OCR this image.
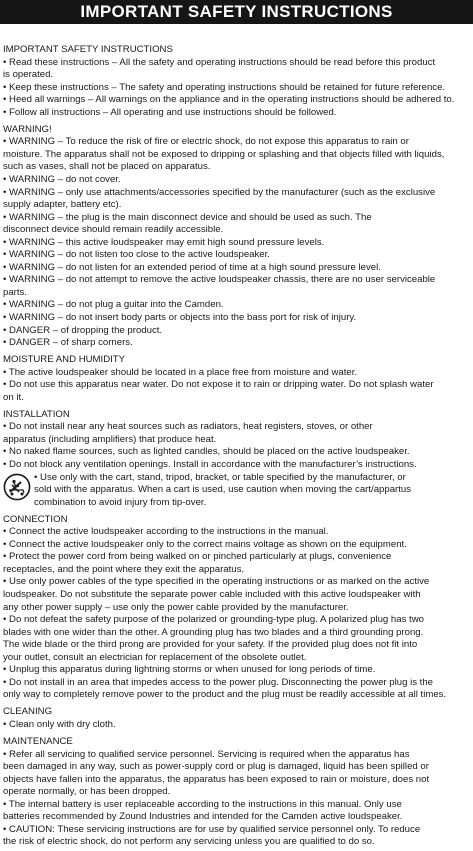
IMPORTANT SAFETY INSTRUCTIONS
IMPORTANT SAFETY INSTRUCTIONS
• Read these instructions – All the safety and operating instructions should be read before this product
is operated.
• Keep these instructions – The safety and operating instructions should be retained for future reference.
• Heed all warnings – All warnings on the appliance and in the operating instructions should be adhered to.
• Follow all instructions – All operating and use instructions should be followed.
WARNING!
• WARNING – To reduce the risk of fire or electric shock, do not expose this apparatus to rain or
moisture. The apparatus shall not be exposed to dripping or splashing and that objects filled with liquids,
such as vases, shall not be placed on apparatus.
• WARNING – do not cover.
• WARNING – only use attachments/accessories specified by the manufacturer (such as the exclusive
supply adapter, battery etc).
• WARNING – the plug is the main disconnect device and should be used as such. The
disconnect device should remain readily accessible.
• WARNING – this active loudspeaker may emit high sound pressure levels.
• WARNING – do not listen too close to the active loudspeaker.
• WARNING – do not listen for an extended period of time at a high sound pressure level.
• WARNING – do not attempt to remove the active loudspeaker chassis, there are no user serviceable
parts.
• WARNING – do not plug a guitar into the Camden.
• WARNING – do not insert body parts or objects into the bass port for risk of injury.
• DANGER – of dropping the product.
• DANGER – of sharp corners.
MOISTURE AND HUMIDITY
• The active loudspeaker should be located in a place free from moisture and water.
• Do not use this apparatus near water. Do not expose it to rain or dripping water. Do not splash water
on it.
INSTALLATION
• Do not install near any heat sources such as radiators, heat registers, stoves, or other
apparatus (including amplifiers) that produce heat.
• No naked flame sources, such as lighted candles, should be placed on the active loudspeaker.
• Do not block any ventilation openings. Install in accordance with the manufacturer’s instructions.
• Use only with the cart, stand, tripod, bracket, or table specified by the manufacturer, or
sold with the apparatus. When a cart is used, use caution when moving the cart/appartus
combination to avoid injury from tip-over.
CONNECTION
• Connect the active loudspeaker according to the instructions in the manual.
• Connect the active loudspeaker only to the correct mains voltage as shown on the equipment.
• Protect the power cord from being walked on or pinched particularly at plugs, convenience
receptacles, and the point where they exit the apparatus.
• Use only power cables of the type specified in the operating instructions or as marked on the active
loudspeaker. Do not substitute the separate power cable included with this active loudspeaker with
any other power supply – use only the power cable provided by the manufacturer.
• Do not defeat the safety purpose of the polarized or grounding-type plug. A polarized plug has two
blades with one wider than the other. A grounding plug has two blades and a third grounding prong.
The wide blade or the third prong are provided for your safety. If the provided plug does not fit into
your outlet, consult an electrician for replacement of the obsolete outlet.
• Unplug this apparatus during lightning storms or when unused for long periods of time.
• Do not install in an area that impedes access to the power plug. Disconnecting the power plug is the
only way to completely remove power to the product and the plug must be readily accessible at all times.
CLEANING
• Clean only with dry cloth.
MAINTENANCE
• Refer all servicing to qualified service personnel. Servicing is required when the apparatus has
been damaged in any way, such as power-supply cord or plug is damaged, liquid has been spilled or
objects have fallen into the apparatus, the apparatus has been exposed to rain or moisture, does not
operate normally, or has been dropped.
• The internal battery is user replaceable according to the instructions in this manual. Only use
batteries recommended by Zound Industries and intended for the Camden active loudspeaker.
• CAUTION: These servicing instructions are for use by qualified service personnel only. To reduce
the risk of electric shock, do not perform any servicing unless you are qualified to do so.
